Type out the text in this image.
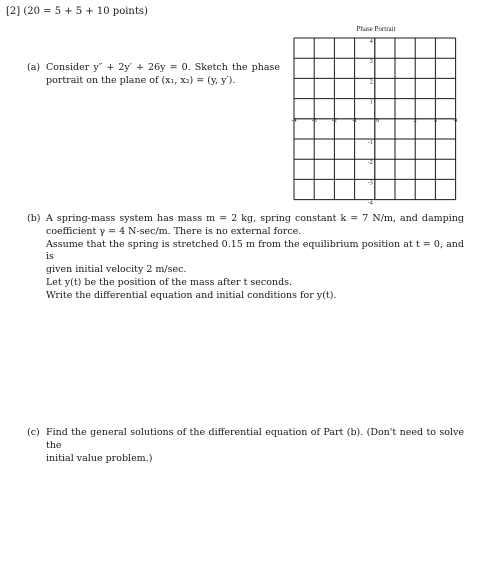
[2] (20 = 5 + 5 + 10 points)
(a) Consider y″ + 2y′ + 26y = 0. Sketch the phase

portrait on the plane of (x₁, x₂) = (y, y′).

Phase Portrait
-4	-3	-2	-1	0	2	3	4
4
3
2
1
-1
-2
-3
-4
(b) A spring-mass system has mass m = 2 kg, spring constant k = 7 N/m, and damping

coefficient γ = 4 N-sec/m. There is no external force.

Assume that the spring is stretched 0.15 m from the equilibrium position at t = 0, and is

given initial velocity 2 m/sec.

Let y(t) be the position of the mass after t seconds.

Write the differential equation and initial conditions for y(t).

(c) Find the general solutions of the differential equation of Part (b). (Don't need to solve the

initial value problem.)
